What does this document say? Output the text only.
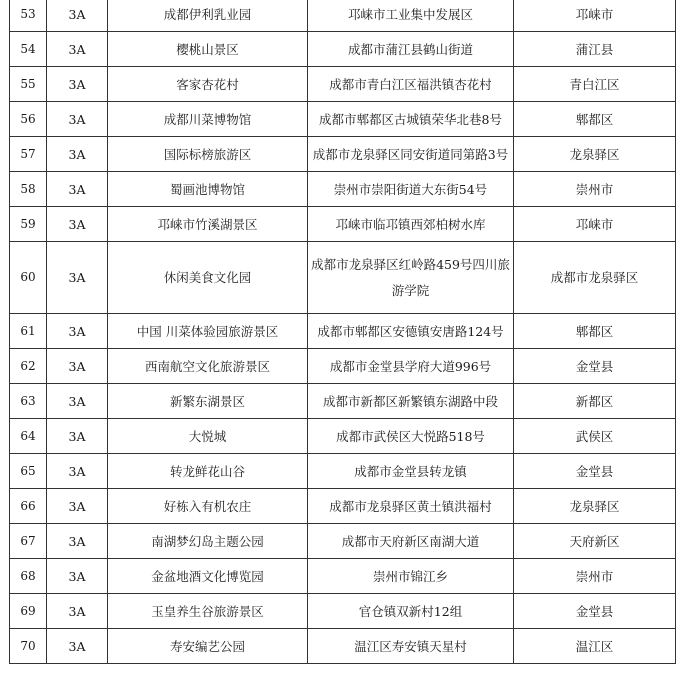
53	3A	成都伊利乳业园	邛崃市工业集中发展区	邛崃市
54	3A	樱桃山景区	成都市蒲江县鹤山街道	蒲江县
55	3A	客家杏花村	成都市青白江区福洪镇杏花村	青白江区
56	3A	成都川菜博物馆	成都市郫都区古城镇荣华北巷8号	郫都区
57	3A	国际标榜旅游区	成都市龙泉驿区同安街道同第路3号	龙泉驿区
58	3A	蜀画池博物馆	崇州市崇阳街道大东街54号	崇州市
59	3A	邛崃市竹溪湖景区	邛崃市临邛镇西郊柏树水库	邛崃市
60	3A	休闲美食文化园	成都市龙泉驿区红岭路459号四川旅游学院	成都市龙泉驿区
61	3A	中国 川菜体验园旅游景区	成都市郫都区安德镇安唐路124号	郫都区
62	3A	西南航空文化旅游景区	成都市金堂县学府大道996号	金堂县
63	3A	新繁东湖景区	成都市新都区新繁镇东湖路中段	新都区
64	3A	大悦城	成都市武侯区大悦路518号	武侯区
65	3A	转龙鲜花山谷	成都市金堂县转龙镇	金堂县
66	3A	好栋入有机农庄	成都市龙泉驿区黄土镇洪福村	龙泉驿区
67	3A	南湖梦幻岛主题公园	成都市天府新区南湖大道	天府新区
68	3A	金盆地酒文化博览园	崇州市锦江乡	崇州市
69	3A	玉皇养生谷旅游景区	官仓镇双新村12组	金堂县
70	3A	寿安编艺公园	温江区寿安镇天星村	温江区
